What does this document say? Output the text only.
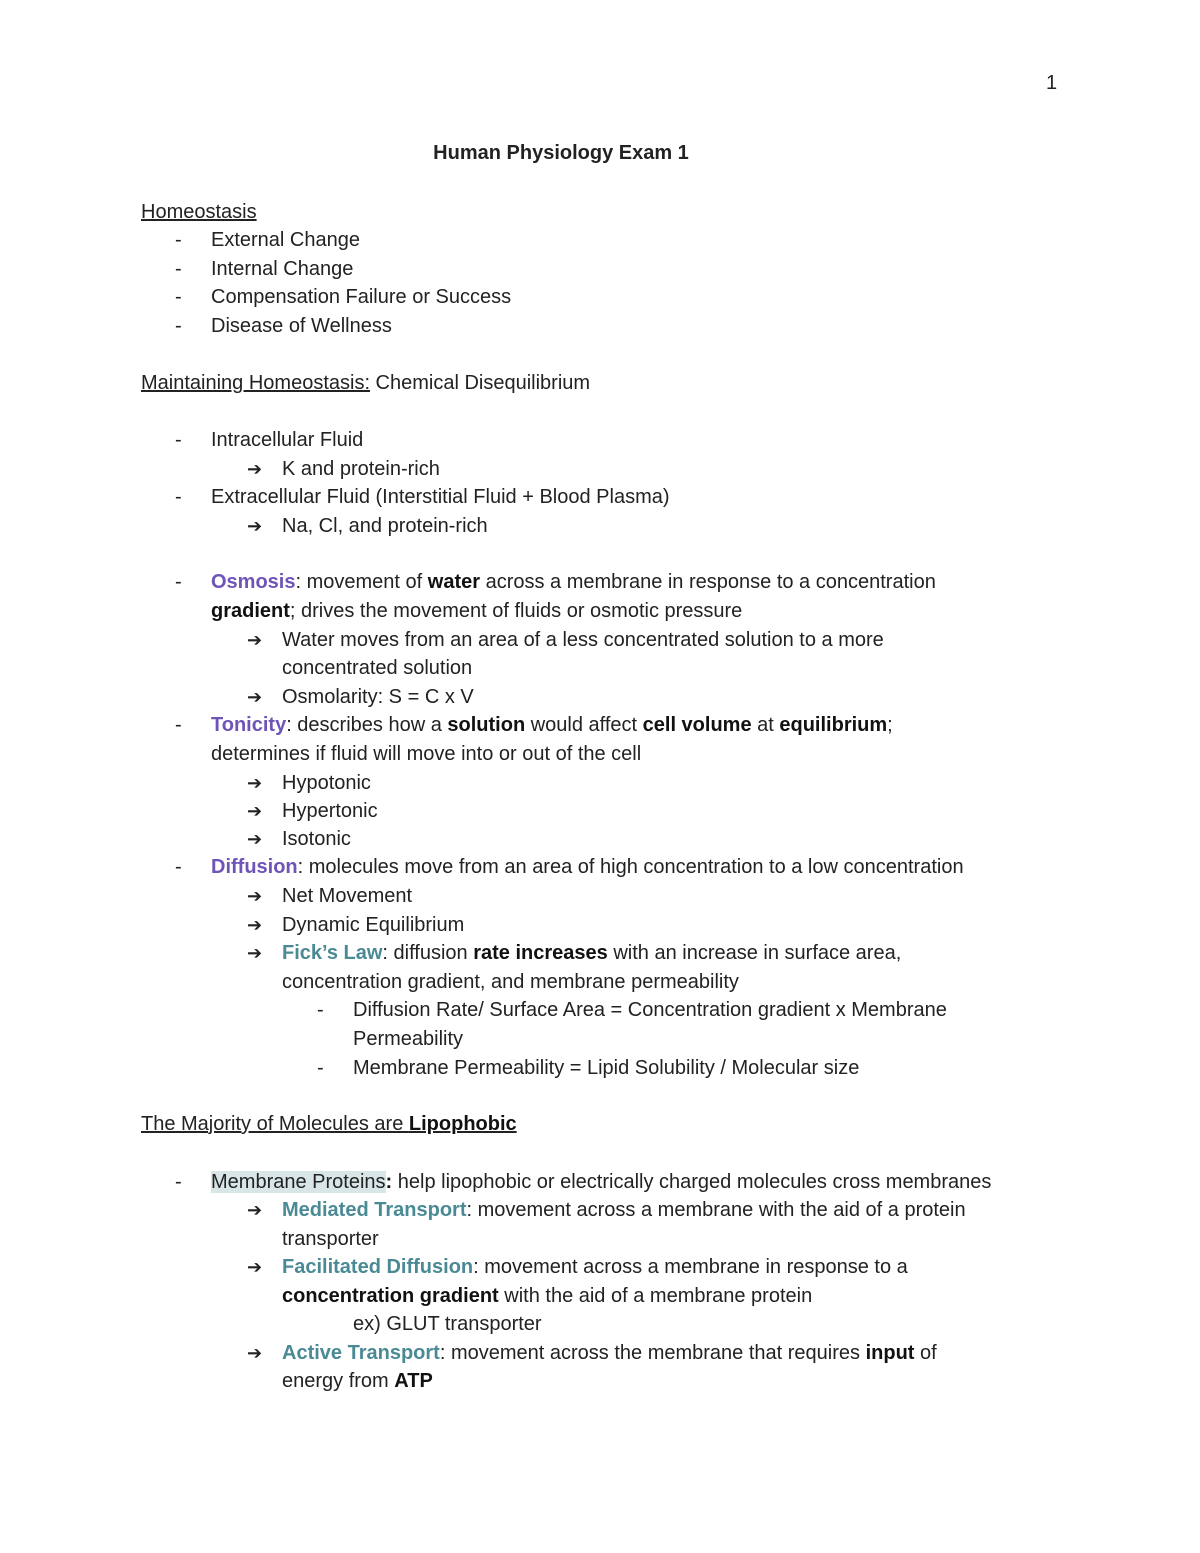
1
Human Physiology Exam 1
Homeostasis
- External Change
- Internal Change
- Compensation Failure or Success
- Disease of Wellness
Maintaining Homeostasis: Chemical Disequilibrium
- Intracellular Fluid
➔ K and protein-rich
- Extracellular Fluid (Interstitial Fluid + Blood Plasma)
➔ Na, Cl, and protein-rich
- Osmosis: movement of water across a membrane in response to a concentration
gradient; drives the movement of fluids or osmotic pressure
➔ Water moves from an area of a less concentrated solution to a more
concentrated solution
➔ Osmolarity: S = C x V
- Tonicity: describes how a solution would affect cell volume at equilibrium;
determines if fluid will move into or out of the cell
➔ Hypotonic
➔ Hypertonic
➔ Isotonic
- Diffusion: molecules move from an area of high concentration to a low concentration
➔ Net Movement
➔ Dynamic Equilibrium
➔ Fick’s Law: diffusion rate increases with an increase in surface area,
concentration gradient, and membrane permeability
- Diffusion Rate/ Surface Area = Concentration gradient x Membrane
Permeability
- Membrane Permeability = Lipid Solubility / Molecular size
The Majority of Molecules are Lipophobic
- Membrane Proteins: help lipophobic or electrically charged molecules cross membranes
➔ Mediated Transport: movement across a membrane with the aid of a protein
transporter
➔ Facilitated Diffusion: movement across a membrane in response to a
concentration gradient with the aid of a membrane protein
ex) GLUT transporter
➔ Active Transport: movement across the membrane that requires input of
energy from ATP
